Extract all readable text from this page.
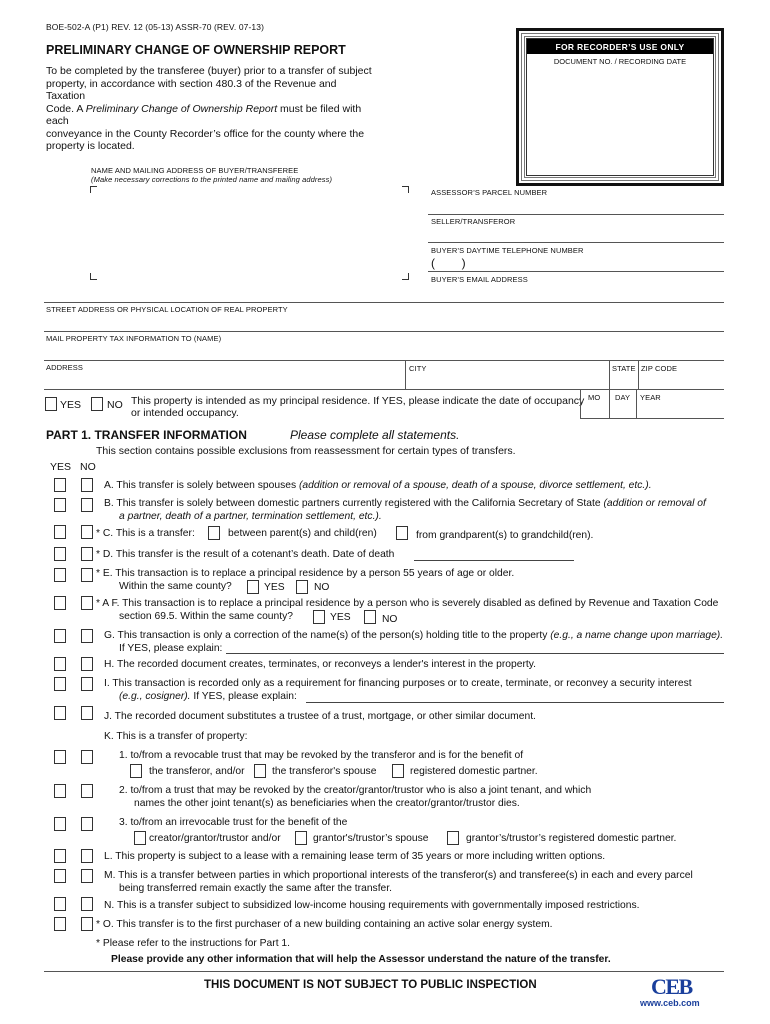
BOE-502-A (P1) REV. 12 (05-13) ASSR-70 (REV. 07-13)
PRELIMINARY CHANGE OF OWNERSHIP REPORT
To be completed by the transferee (buyer) prior to a transfer of subject
property, in accordance with section 480.3 of the Revenue and Taxation
Code. A Preliminary Change of Ownership Report must be filed with each
conveyance in the County Recorder’s office for the county where the
property is located.
FOR RECORDER’S USE ONLY
DOCUMENT NO. / RECORDING DATE
NAME AND MAILING ADDRESS OF BUYER/TRANSFEREE
(Make necessary corrections to the printed name and mailing address)
ASSESSOR’S PARCEL NUMBER
SELLER/TRANSFEROR
BUYER’S DAYTIME TELEPHONE NUMBER
(        )
BUYER’S EMAIL ADDRESS
STREET ADDRESS OR PHYSICAL LOCATION OF REAL PROPERTY
MAIL PROPERTY TAX INFORMATION TO (NAME)
ADDRESS	CITY	STATE ZIP CODE
YES NO This property is intended as my principal residence. If YES, please indicate the date of occupancy
or intended occupancy.
MO DAY YEAR
PART 1. TRANSFER INFORMATION	Please complete all statements.
This section contains possible exclusions from reassessment for certain types of transfers.
YES NO
A. This transfer is solely between spouses (addition or removal of a spouse, death of a spouse, divorce settlement, etc.).
B. This transfer is solely between domestic partners currently registered with the California Secretary of State (addition or removal of
a partner, death of a partner, termination settlement, etc.).
* C. This is a transfer:	between parent(s) and child(ren)	from grandparent(s) to grandchild(ren).
* D. This transfer is the result of a cotenant’s death. Date of death
* E. This transaction is to replace a principal residence by a person 55 years of age or older.
Within the same county?	YES	NO
* A F. This transaction is to replace a principal residence by a person who is severely disabled as defined by Revenue and Taxation Code
section 69.5. Within the same county?	YES	NO
G. This transaction is only a correction of the name(s) of the person(s) holding title to the property (e.g., a name change upon marriage).
If YES, please explain:
H. The recorded document creates, terminates, or reconveys a lender's interest in the property.
I. This transaction is recorded only as a requirement for financing purposes or to create, terminate, or reconvey a security interest
(e.g., cosigner). If YES, please explain:
J. The recorded document substitutes a trustee of a trust, mortgage, or other similar document.
K. This is a transfer of property:
1. to/from a revocable trust that may be revoked by the transferor and is for the benefit of
the transferor, and/or	the transferor's spouse	registered domestic partner.
2. to/from a trust that may be revoked by the creator/grantor/trustor who is also a joint tenant, and which
names the other joint tenant(s) as beneficiaries when the creator/grantor/trustor dies.
3. to/from an irrevocable trust for the benefit of the
creator/grantor/trustor and/or	grantor's/trustor’s spouse	grantor’s/trustor’s registered domestic partner.
L. This property is subject to a lease with a remaining lease term of 35 years or more including written options.
M. This is a transfer between parties in which proportional interests of the transferor(s) and transferee(s) in each and every parcel
being transferred remain exactly the same after the transfer.
N. This is a transfer subject to subsidized low-income housing requirements with governmentally imposed restrictions.
* O. This transfer is to the first purchaser of a new building containing an active solar energy system.
* Please refer to the instructions for Part 1.
Please provide any other information that will help the Assessor understand the nature of the transfer.
THIS DOCUMENT IS NOT SUBJECT TO PUBLIC INSPECTION	CEB
www.ceb.com
